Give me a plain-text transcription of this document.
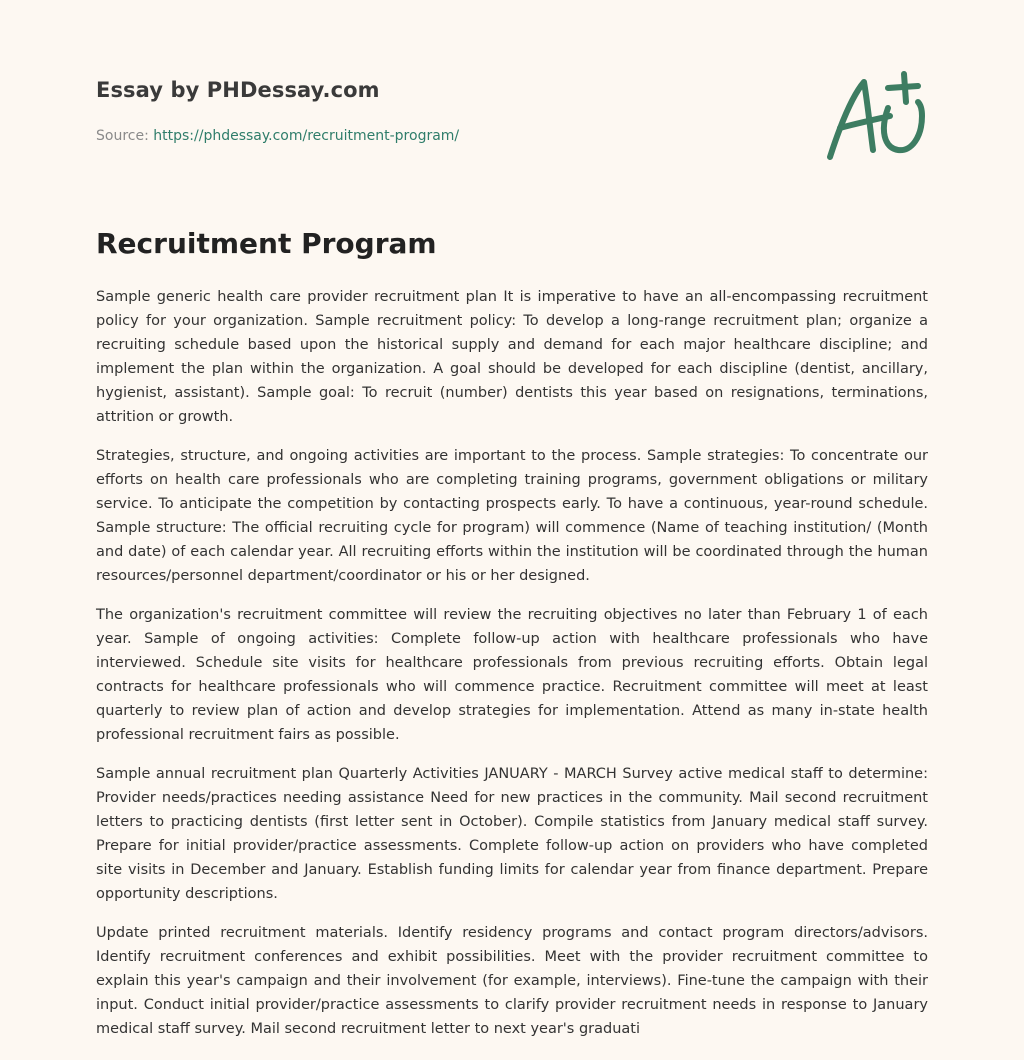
Essay by PHDessay.com
Source: https://phdessay.com/recruitment-program/
Recruitment Program

Sample generic health care provider recruitment plan It is imperative to have an all-encompassing recruitment policy for your organization. Sample recruitment policy: To develop a long-range recruitment plan; organize a recruiting schedule based upon the historical supply and demand for each major healthcare discipline; and implement the plan within the organization. A goal should be developed for each discipline (dentist, ancillary, hygienist, assistant). Sample goal: To recruit (number) dentists this year based on resignations, terminations, attrition or growth.

Strategies, structure, and ongoing activities are important to the process. Sample strategies: To concentrate our efforts on health care professionals who are completing training programs, government obligations or military service. To anticipate the competition by contacting prospects early. To have a continuous, year-round schedule. Sample structure: The official recruiting cycle for program) will commence (Name of teaching institution/ (Month and date) of each calendar year. All recruiting efforts within the institution will be coordinated through the human resources/personnel department/coordinator or his or her designed.

The organization's recruitment committee will review the recruiting objectives no later than February 1 of each year. Sample of ongoing activities: Complete follow-up action with healthcare professionals who have interviewed. Schedule site visits for healthcare professionals from previous recruiting efforts. Obtain legal contracts for healthcare professionals who will commence practice. Recruitment committee will meet at least quarterly to review plan of action and develop strategies for implementation. Attend as many in-state health professional recruitment fairs as possible.

Sample annual recruitment plan Quarterly Activities JANUARY - MARCH Survey active medical staff to determine: Provider needs/practices needing assistance Need for new practices in the community. Mail second recruitment letters to practicing dentists (first letter sent in October). Compile statistics from January medical staff survey. Prepare for initial provider/practice assessments. Complete follow-up action on providers who have completed site visits in December and January. Establish funding limits for calendar year from finance department. Prepare opportunity descriptions.

Update printed recruitment materials. Identify residency programs and contact program directors/advisors. Identify recruitment conferences and exhibit possibilities. Meet with the provider recruitment committee to explain this year's campaign and their involvement (for example, interviews). Fine-tune the campaign with their input. Conduct initial provider/practice assessments to clarify provider recruitment needs in response to January medical staff survey. Mail second recruitment letter to next year's graduati
